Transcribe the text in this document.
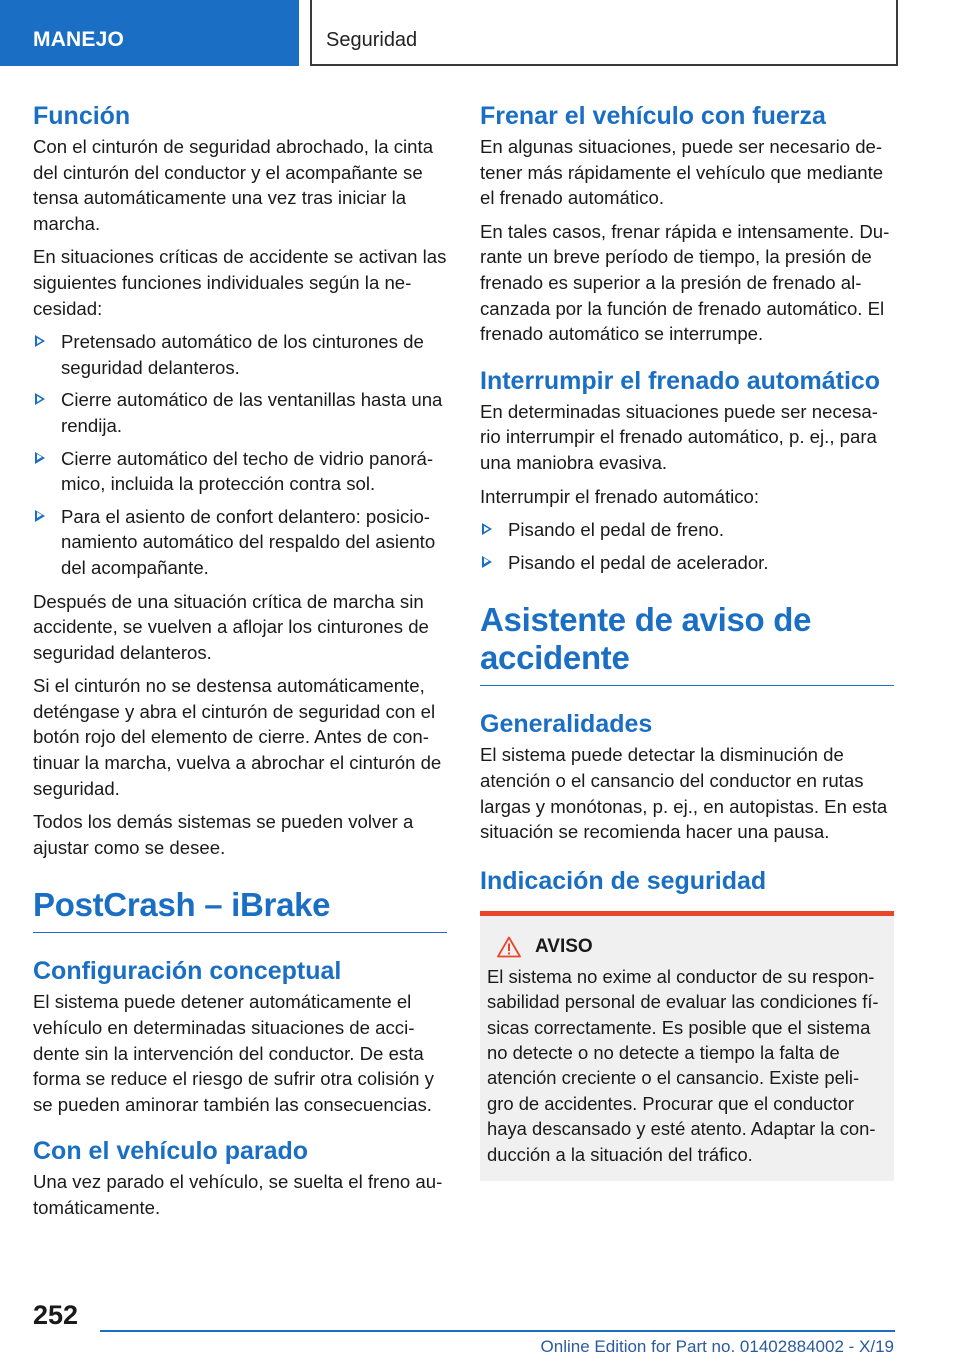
MANEJO	Seguridad
Función

Con el cinturón de seguridad abrochado, la cinta del cinturón del conductor y el acompañante se tensa automáticamente una vez tras iniciar la marcha.

En situaciones críticas de accidente se activan las siguientes funciones individuales según la ne-cesidad:

Pretensado automático de los cinturones de seguridad delanteros.
Cierre automático de las ventanillas hasta una rendija.
Cierre automático del techo de vidrio panorá-mico, incluida la protección contra sol.
Para el asiento de confort delantero: posicio-namiento automático del respaldo del asiento del acompañante.

Después de una situación crítica de marcha sin accidente, se vuelven a aflojar los cinturones de seguridad delanteros.

Si el cinturón no se destensa automáticamente, deténgase y abra el cinturón de seguridad con el botón rojo del elemento de cierre. Antes de con-tinuar la marcha, vuelva a abrochar el cinturón de seguridad.

Todos los demás sistemas se pueden volver a ajustar como se desee.

PostCrash – iBrake
Configuración conceptual

El sistema puede detener automáticamente el vehículo en determinadas situaciones de acci-dente sin la intervención del conductor. De esta forma se reduce el riesgo de sufrir otra colisión y se pueden aminorar también las consecuencias.

Con el vehículo parado

Una vez parado el vehículo, se suelta el freno au-tomáticamente.

Frenar el vehículo con fuerza

En algunas situaciones, puede ser necesario de-tener más rápidamente el vehículo que mediante el frenado automático.

En tales casos, frenar rápida e intensamente. Du-rante un breve período de tiempo, la presión de frenado es superior a la presión de frenado al-canzada por la función de frenado automático. El frenado automático se interrumpe.

Interrumpir el frenado automático

En determinadas situaciones puede ser necesa-rio interrumpir el frenado automático, p. ej., para una maniobra evasiva.

Interrumpir el frenado automático:

Pisando el pedal de freno.
Pisando el pedal de acelerador.
Asistente de aviso de accidente
Generalidades

El sistema puede detectar la disminución de atención o el cansancio del conductor en rutas largas y monótonas, p. ej., en autopistas. En esta situación se recomienda hacer una pausa.

Indicación de seguridad
AVISO

El sistema no exime al conductor de su respon-sabilidad personal de evaluar las condiciones fí-sicas correctamente. Es posible que el sistema no detecte o no detecte a tiempo la falta de atención creciente o el cansancio. Existe peli-gro de accidentes. Procurar que el conductor haya descansado y esté atento. Adaptar la con-ducción a la situación del tráfico.

252
Online Edition for Part no. 01402884002 - X/19
